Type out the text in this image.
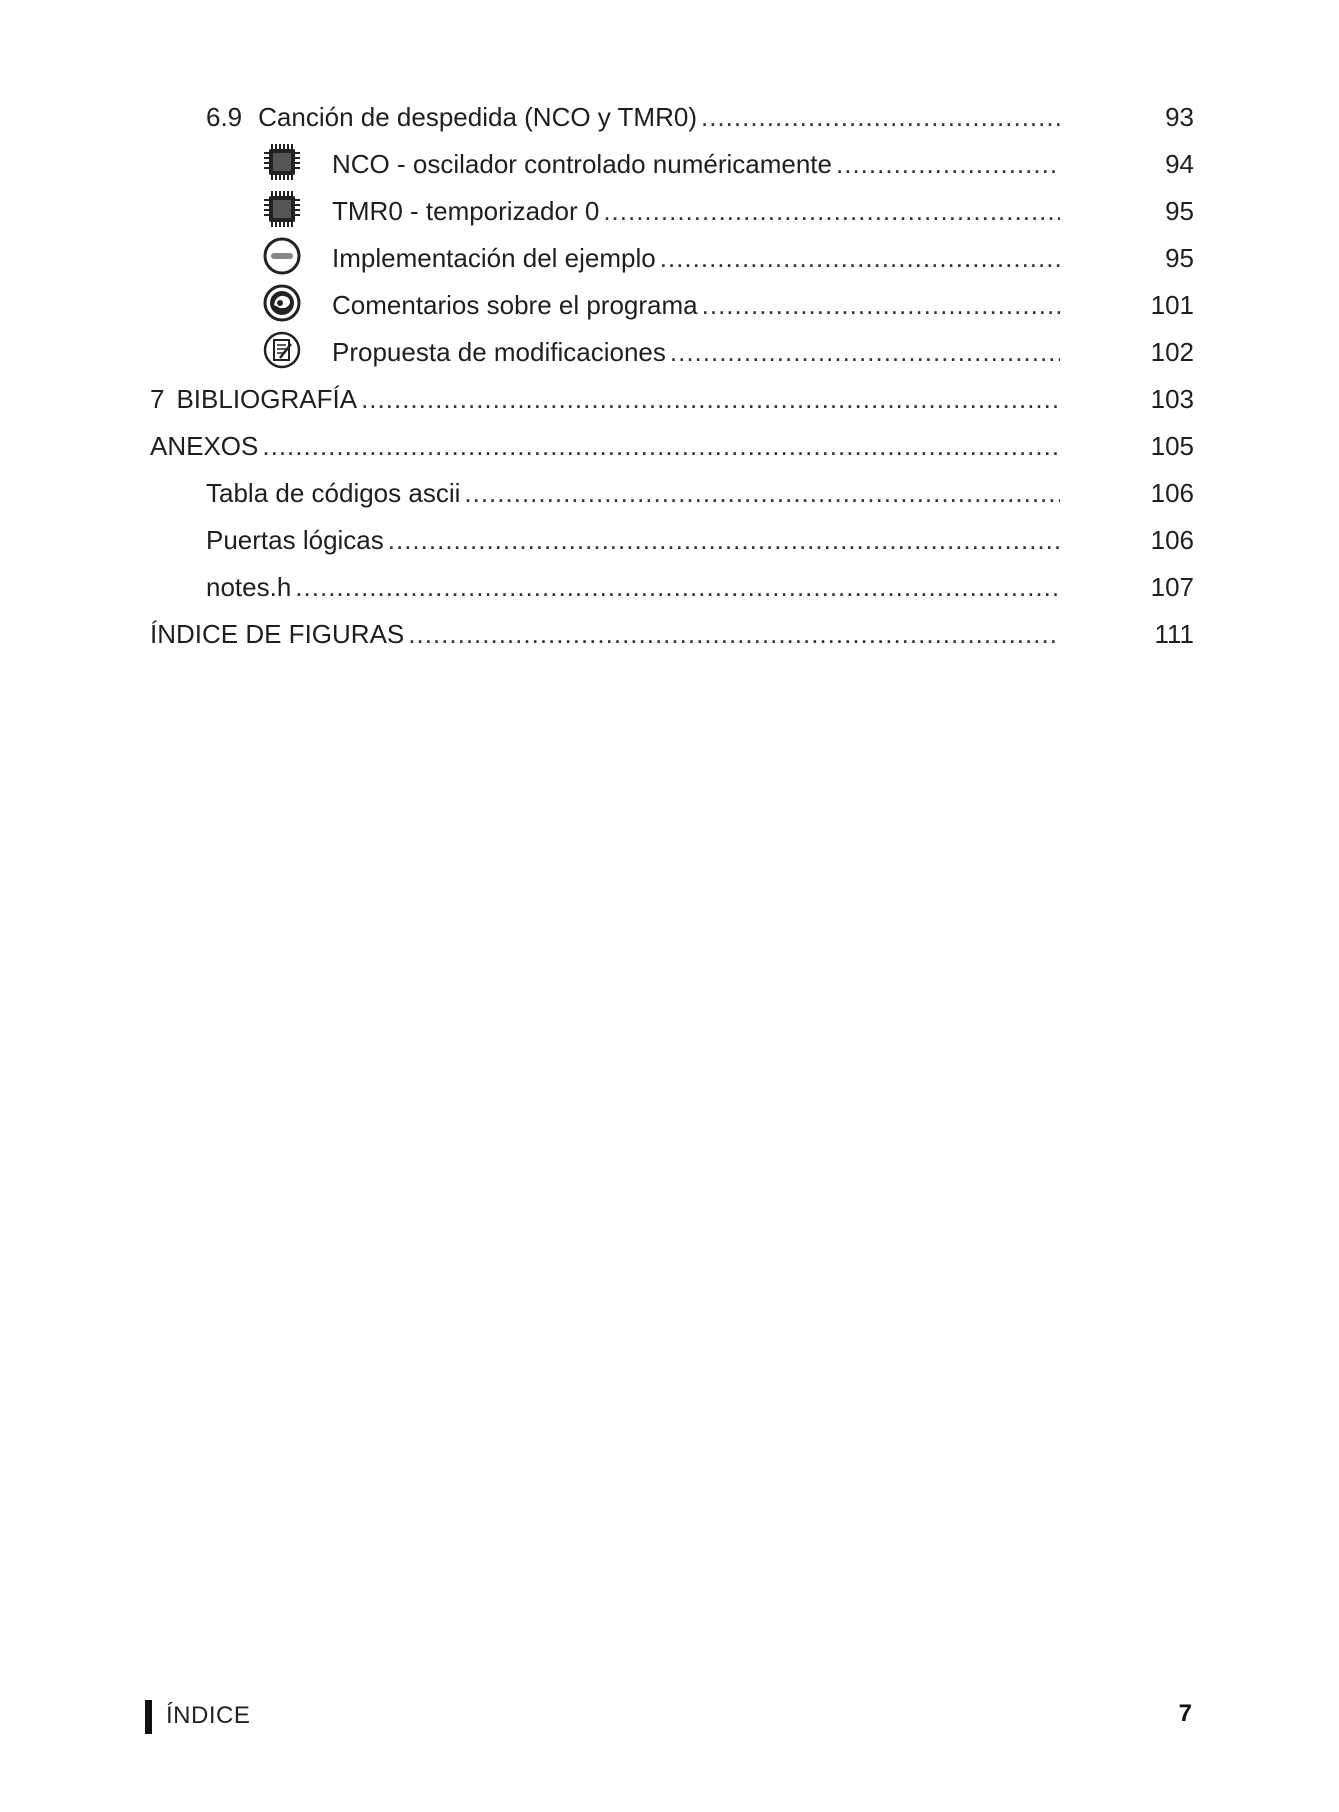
6.9 Canción de despedida (NCO y TMR0) .....	93
NCO - oscilador controlado numéricamente .....	94
TMR0 - temporizador 0 .....	95
Implementación del ejemplo .....	95
Comentarios sobre el programa .....	101
Propuesta de modificaciones .....	102
7 BIBLIOGRAFÍA .....	103
ANEXOS .....	105
Tabla de códigos ascii .....	106
Puertas lógicas .....	106
notes.h .....	107
ÍNDICE DE FIGURAS .....	111
ÍNDICE	7
